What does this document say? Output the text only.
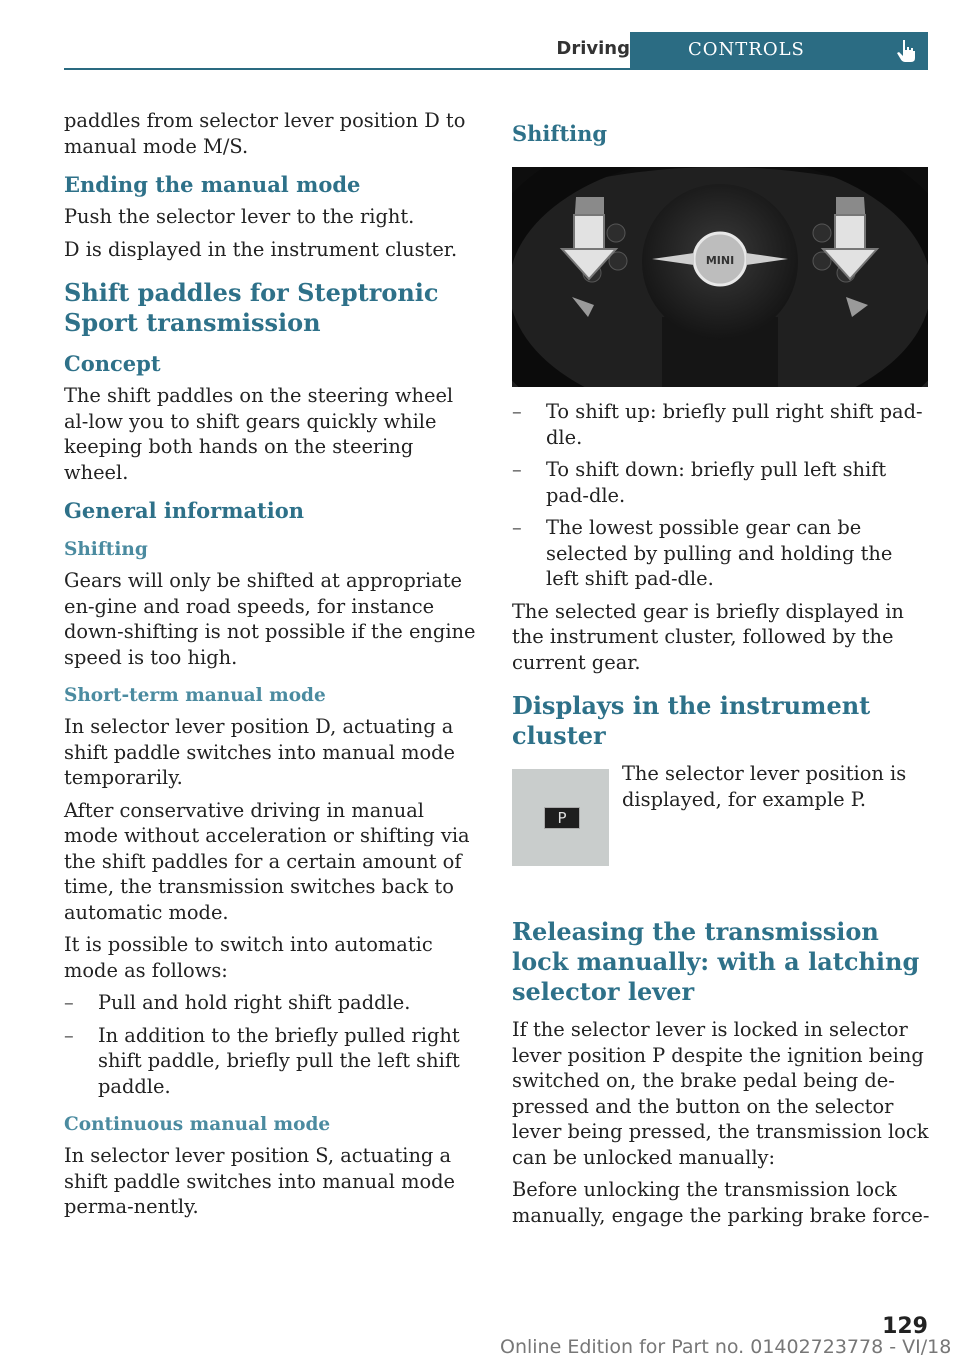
Driving	CONTROLS

paddles from selector lever position D to manual mode M/S.

Ending the manual mode

Push the selector lever to the right.

D is displayed in the instrument cluster.

Shift paddles for Steptronic Sport transmission
Concept

The shift paddles on the steering wheel al-low you to shift gears quickly while keeping both hands on the steering wheel.

General information
Shifting

Gears will only be shifted at appropriate en-gine and road speeds, for instance down-shifting is not possible if the engine speed is too high.

Short-term manual mode

In selector lever position D, actuating a shift paddle switches into manual mode temporarily.

After conservative driving in manual mode without acceleration or shifting via the shift paddles for a certain amount of time, the transmission switches back to automatic mode.

It is possible to switch into automatic mode as follows:

– Pull and hold right shift paddle.
– In addition to the briefly pulled right shift paddle, briefly pull the left shift paddle.
Continuous manual mode

In selector lever position S, actuating a shift paddle switches into manual mode perma-nently.

Shifting
MINI
– To shift up: briefly pull right shift pad-dle.
– To shift down: briefly pull left shift pad-dle.
– The lowest possible gear can be selected by pulling and holding the left shift pad-dle.

The selected gear is briefly displayed in the instrument cluster, followed by the current gear.

Displays in the instrument cluster
P
The selector lever position is displayed, for example P.
Releasing the transmission lock manually: with a latching selector lever

If the selector lever is locked in selector lever position P despite the ignition being switched on, the brake pedal being de-pressed and the button on the selector lever being pressed, the transmission lock can be unlocked manually:

Before unlocking the transmission lock manually, engage the parking brake force-

129
Online Edition for Part no. 01402723778 - VI/18
